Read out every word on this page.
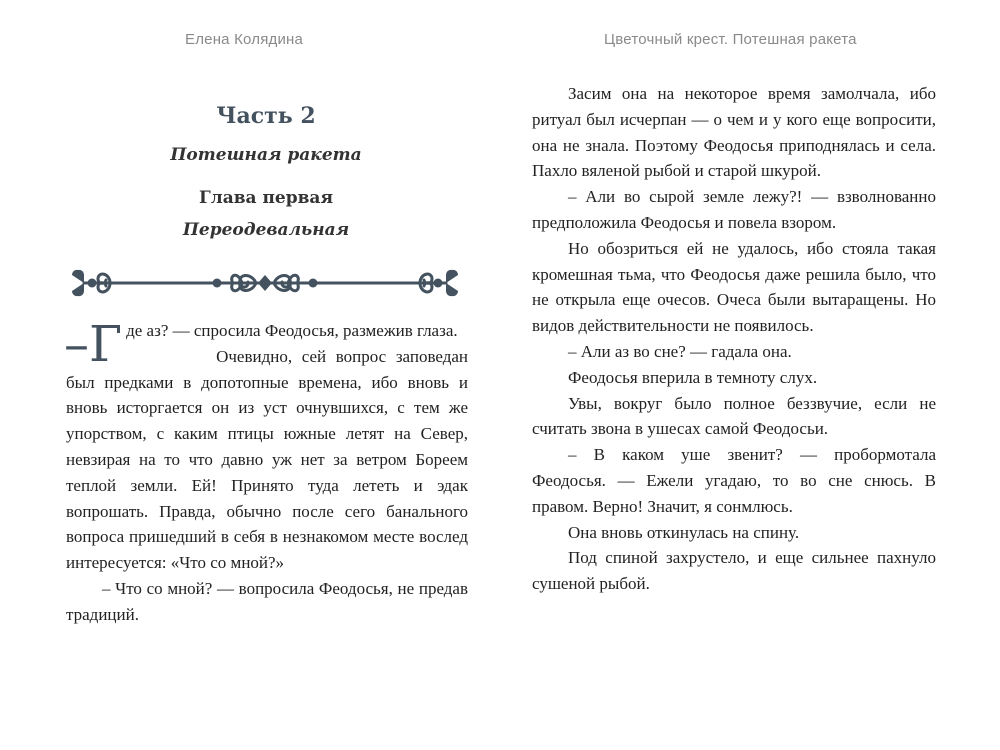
Елена Колядина
Часть 2
Потешная ракета
Глава первая
Переодевальная

–Г де аз? — спросила Феодосья, размежив глаза.

Очевидно, сей вопрос заповедан был предками в допотопные времена, ибо вновь и вновь исторгается он из уст очнувшихся, с тем же упорством, с каким птицы южные летят на Север, невзирая на то что давно уж нет за ветром Бореем теплой земли. Ей! Принято туда лететь и эдак вопрошать. Правда, обычно после сего банального вопроса пришедший в себя в незнакомом месте вослед интересуется: «Что со мной?»

– Что со мной? — вопросила Феодосья, не предав традиций.

Цветочный крест. Потешная ракета

Засим она на некоторое время замолчала, ибо ритуал был исчерпан — о чем и у кого еще вопросити, она не знала. Поэтому Феодосья приподнялась и села. Пахло вяленой рыбой и старой шкурой.

– Али во сырой земле лежу?! — взволнованно предположила Феодосья и повела взором.

Но обозриться ей не удалось, ибо стояла такая кромешная тьма, что Феодосья даже решила было, что не открыла еще очесов. Очеса были вытаращены. Но видов действительности не появилось.

– Али аз во сне? — гадала она.

Феодосья вперила в темноту слух.

Увы, вокруг было полное беззвучие, если не считать звона в ушесах самой Феодосьи.

– В каком уше звенит? — пробормотала Феодосья. — Ежели угадаю, то во сне снюсь. В правом. Верно! Значит, я сонмлюсь.

Она вновь откинулась на спину.

Под спиной захрустело, и еще сильнее пахнуло сушеной рыбой.
